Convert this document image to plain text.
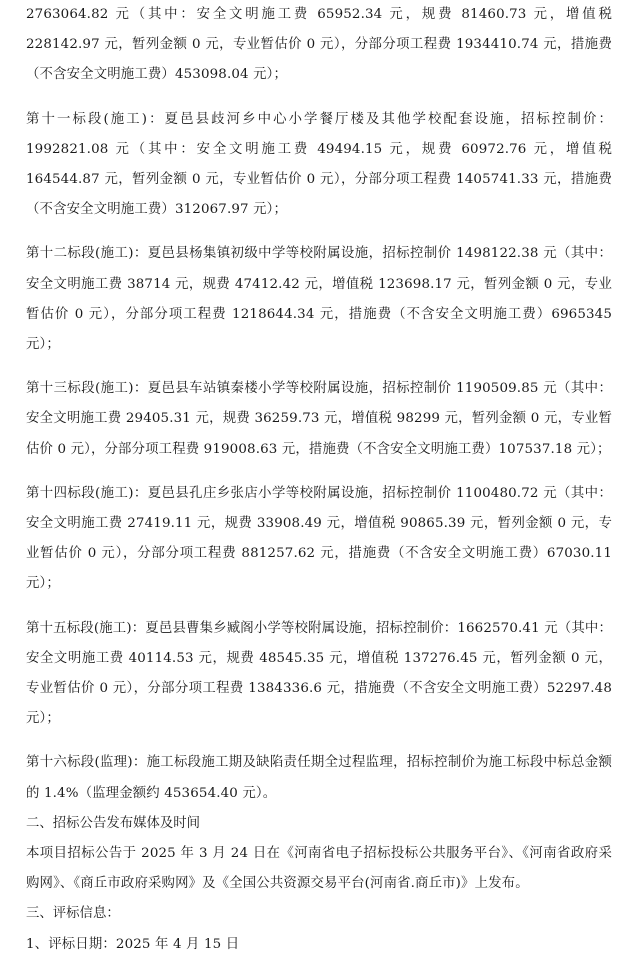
2763064.82 元（其中：安全文明施工费 65952.34 元，规费 81460.73 元，增值税 228142.97 元，暂列金额 0 元，专业暂估价 0 元），分部分项工程费 1934410.74 元，措施费（不含安全文明施工费）453098.04 元）；

第十一标段(施工)：夏邑县歧河乡中心小学餐厅楼及其他学校配套设施，招标控制价：1992821.08 元（其中：安全文明施工费 49494.15 元，规费 60972.76 元，增值税 164544.87 元，暂列金额 0 元，专业暂估价 0 元），分部分项工程费 1405741.33 元，措施费（不含安全文明施工费）312067.97 元）；

第十二标段(施工)：夏邑县杨集镇初级中学等校附属设施，招标控制价 1498122.38 元（其中：安全文明施工费 38714 元，规费 47412.42 元，增值税 123698.17 元，暂列金额 0 元，专业暂估价 0 元），分部分项工程费 1218644.34 元，措施费（不含安全文明施工费）6965345 元）；

第十三标段(施工)：夏邑县车站镇秦楼小学等校附属设施，招标控制价 1190509.85 元（其中：安全文明施工费 29405.31 元，规费 36259.73 元，增值税 98299 元，暂列金额 0 元，专业暂估价 0 元），分部分项工程费 919008.63 元，措施费（不含安全文明施工费）107537.18 元）；

第十四标段(施工)：夏邑县孔庄乡张店小学等校附属设施，招标控制价 1100480.72 元（其中：安全文明施工费 27419.11 元，规费 33908.49 元，增值税 90865.39 元，暂列金额 0 元，专业暂估价 0 元），分部分项工程费 881257.62 元，措施费（不含安全文明施工费）67030.11 元）；

第十五标段(施工)：夏邑县曹集乡臧阁小学等校附属设施，招标控制价：1662570.41 元（其中：安全文明施工费 40114.53 元，规费 48545.35 元，增值税 137276.45 元，暂列金额 0 元，专业暂估价 0 元），分部分项工程费 1384336.6 元，措施费（不含安全文明施工费）52297.48 元）；

第十六标段(监理)：施工标段施工期及缺陷责任期全过程监理，招标控制价为施工标段中标总金额的 1.4%（监理金额约 453654.40 元）。

二、招标公告发布媒体及时间

本项目招标公告于 2025 年 3 月 24 日在《河南省电子招标投标公共服务平台》、《河南省政府采购网》、《商丘市政府采购网》及《全国公共资源交易平台(河南省.商丘市)》上发布。

三、评标信息：

1、评标日期：2025 年 4 月 15 日
